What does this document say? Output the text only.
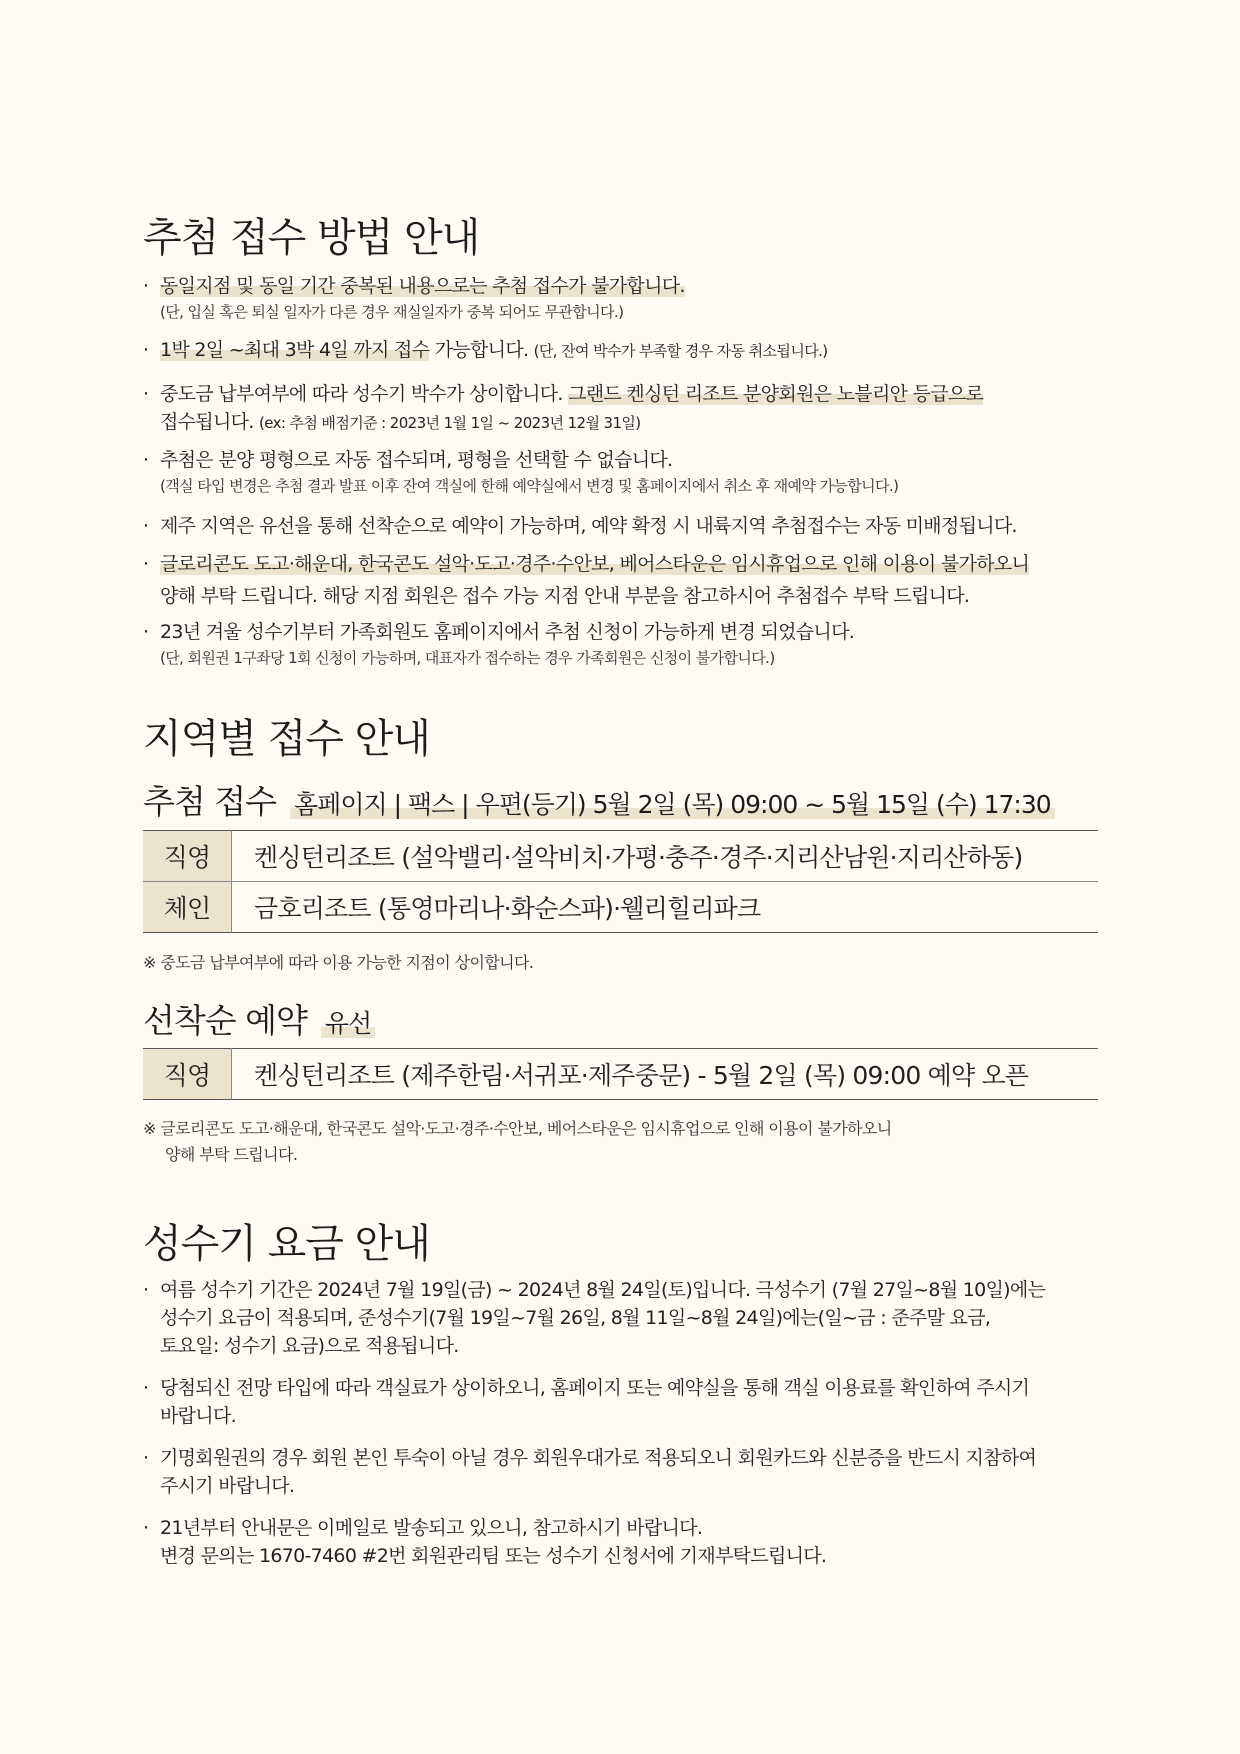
추첨 접수 방법 안내
· 동일지점 및 동일 기간 중복된 내용으로는 추첨 접수가 불가합니다.
(단, 입실 혹은 퇴실 일자가 다른 경우 재실일자가 중복 되어도 무관합니다.)
· 1박 2일 ~최대 3박 4일 까지 접수 가능합니다. (단, 잔여 박수가 부족할 경우 자동 취소됩니다.)
· 중도금 납부여부에 따라 성수기 박수가 상이합니다. 그랜드 켄싱턴 리조트 분양회원은 노블리안 등급으로
접수됩니다. (ex: 추첨 배점기준 : 2023년 1월 1일 ~ 2023년 12월 31일)
· 추첨은 분양 평형으로 자동 접수되며, 평형을 선택할 수 없습니다.
(객실 타입 변경은 추첨 결과 발표 이후 잔여 객실에 한해 예약실에서 변경 및 홈페이지에서 취소 후 재예약 가능합니다.)
· 제주 지역은 유선을 통해 선착순으로 예약이 가능하며, 예약 확정 시 내륙지역 추첨접수는 자동 미배정됩니다.
· 글로리콘도 도고·해운대, 한국콘도 설악·도고·경주·수안보, 베어스타운은 임시휴업으로 인해 이용이 불가하오니
양해 부탁 드립니다. 해당 지점 회원은 접수 가능 지점 안내 부분을 참고하시어 추첨접수 부탁 드립니다.
· 23년 겨울 성수기부터 가족회원도 홈페이지에서 추첨 신청이 가능하게 변경 되었습니다.
(단, 회원권 1구좌당 1회 신청이 가능하며, 대표자가 접수하는 경우 가족회원은 신청이 불가합니다.)
지역별 접수 안내
추첨 접수 홈페이지 | 팩스 | 우편(등기) 5월 2일 (목) 09:00 ~ 5월 15일 (수) 17:30
직영	켄싱턴리조트 (설악밸리·설악비치·가평·충주·경주·지리산남원·지리산하동)
체인	금호리조트 (통영마리나·화순스파)·웰리힐리파크
※ 중도금 납부여부에 따라 이용 가능한 지점이 상이합니다.
선착순 예약 유선
직영	켄싱턴리조트 (제주한림·서귀포·제주중문) - 5월 2일 (목) 09:00 예약 오픈
※ 글로리콘도 도고·해운대, 한국콘도 설악·도고·경주·수안보, 베어스타운은 임시휴업으로 인해 이용이 불가하오니
양해 부탁 드립니다.
성수기 요금 안내
· 여름 성수기 기간은 2024년 7월 19일(금) ~ 2024년 8월 24일(토)입니다. 극성수기 (7월 27일~8월 10일)에는
성수기 요금이 적용되며, 준성수기(7월 19일~7월 26일, 8월 11일~8월 24일)에는(일~금 : 준주말 요금,
토요일: 성수기 요금)으로 적용됩니다.
· 당첨되신 전망 타입에 따라 객실료가 상이하오니, 홈페이지 또는 예약실을 통해 객실 이용료를 확인하여 주시기
바랍니다.
· 기명회원권의 경우 회원 본인 투숙이 아닐 경우 회원우대가로 적용되오니 회원카드와 신분증을 반드시 지참하여
주시기 바랍니다.
· 21년부터 안내문은 이메일로 발송되고 있으니, 참고하시기 바랍니다.
변경 문의는 1670-7460 #2번 회원관리팀 또는 성수기 신청서에 기재부탁드립니다.
